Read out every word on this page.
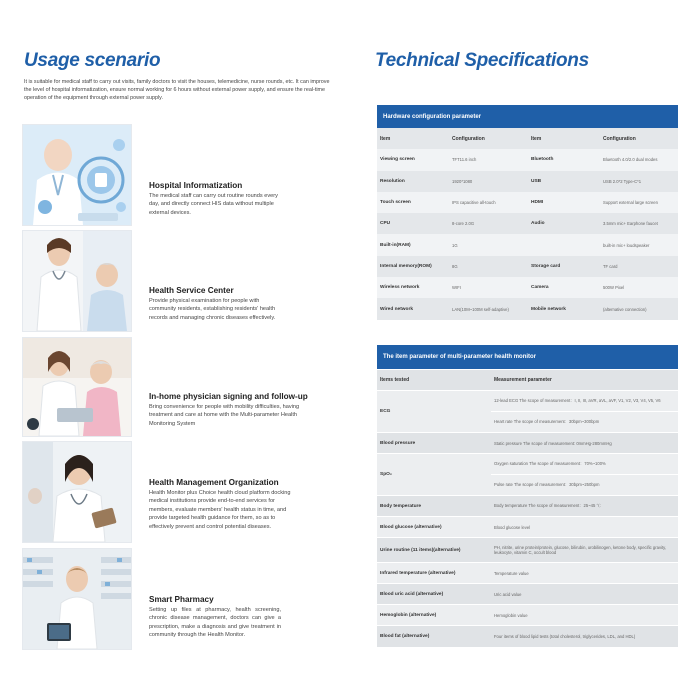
Usage scenario
It is suitable for medical staff to carry out visits, family doctors to visit the houses, telemedicine, nurse rounds, etc. It can improve the level of hospital informatization, ensure normal working for 6 hours without external power supply, and ensure the real-time operation of the equipment through external power supply.
Hospital Informatization
The medical staff can carry out routine rounds every day, and directly connect HIS data without multiple external devices.
Health Service Center
Provide physical examination for people with community residents, establishing residents' health records and managing chronic diseases effectively.
In-home physician signing and follow-up
Bring convenience for people with mobility difficulties, having treatment and care at home with the Multi-parameter Health Monitoring System
Health Management Organization
Health Monitor plus Choice health cloud platform docking medical institutions provide end-to-end services for members, evaluate members' health status in time, and provide targeted health guidance for them, so as to effectively prevent and control potential diseases.
Smart Pharmacy
Setting up files at pharmacy, health screening, chronic disease management, doctors can give a prescription, make a diagnosis and give treatment in community through the Health Monitor.
Technical Specifications
Hardware configuration parameter
Item	Configuration	Item	Configuration
Viewing screen	TFT11.6 inch	Bluetooth	Bluetooth 4.0/2.0 dual modes
Resolution	1920*1080	USB	USB 2.0*2 Type-C*1
Touch screen	IPS capacitive all-touch	HDMI	Support external large screen
CPU	8-core 2.0G	Audio	3.5mm mic+ Earphone faucet
Built-in(RAM)	1G		built-in mic+ loudspeaker
Internal memory(ROM)	8G	Storage card	TF card
Wireless network	WIFI	Camera	500W Pixel
Wired network	LAN(10M~100M self-adaptive)	Mobile network	(alternative connection)
The item parameter of multi-parameter health monitor
Items tested	Measurement parameter
ECG	12-lead ECG The scope of measurement：I, II, III, aVR, aVL, aVF, V1, V2, V3, V4, V5, V6
	Heart rate The scope of measurement：30bpm~300bpm
Blood pressure	Static pressure The scope of measurement: 0mmHg-280mmHg
SpO₂	Oxygen saturation The scope of measurement：70%~100%
	Pulse rate The scope of measurement：30bpm~250bpm
Body temperature	Body temperature The scope of measurement：25~45 ℃
Blood glucose (alternative)	Blood glucose level
Urine routine (11 items)(alternative)	PH, nitrite, urine protein/protein, glucose, bilirubin, urobilinogen, ketone body, specific gravity, leukocyte, vitamin C, occult blood
Infrared temperature (alternative)	Temperature value
Blood uric acid (alternative)	Uric acid value
Hemoglobin (alternative)	Hemoglobin value
Blood fat (alternative)	Four items of blood lipid tests (total cholesterol, triglycerides, LDL, and HDL)
